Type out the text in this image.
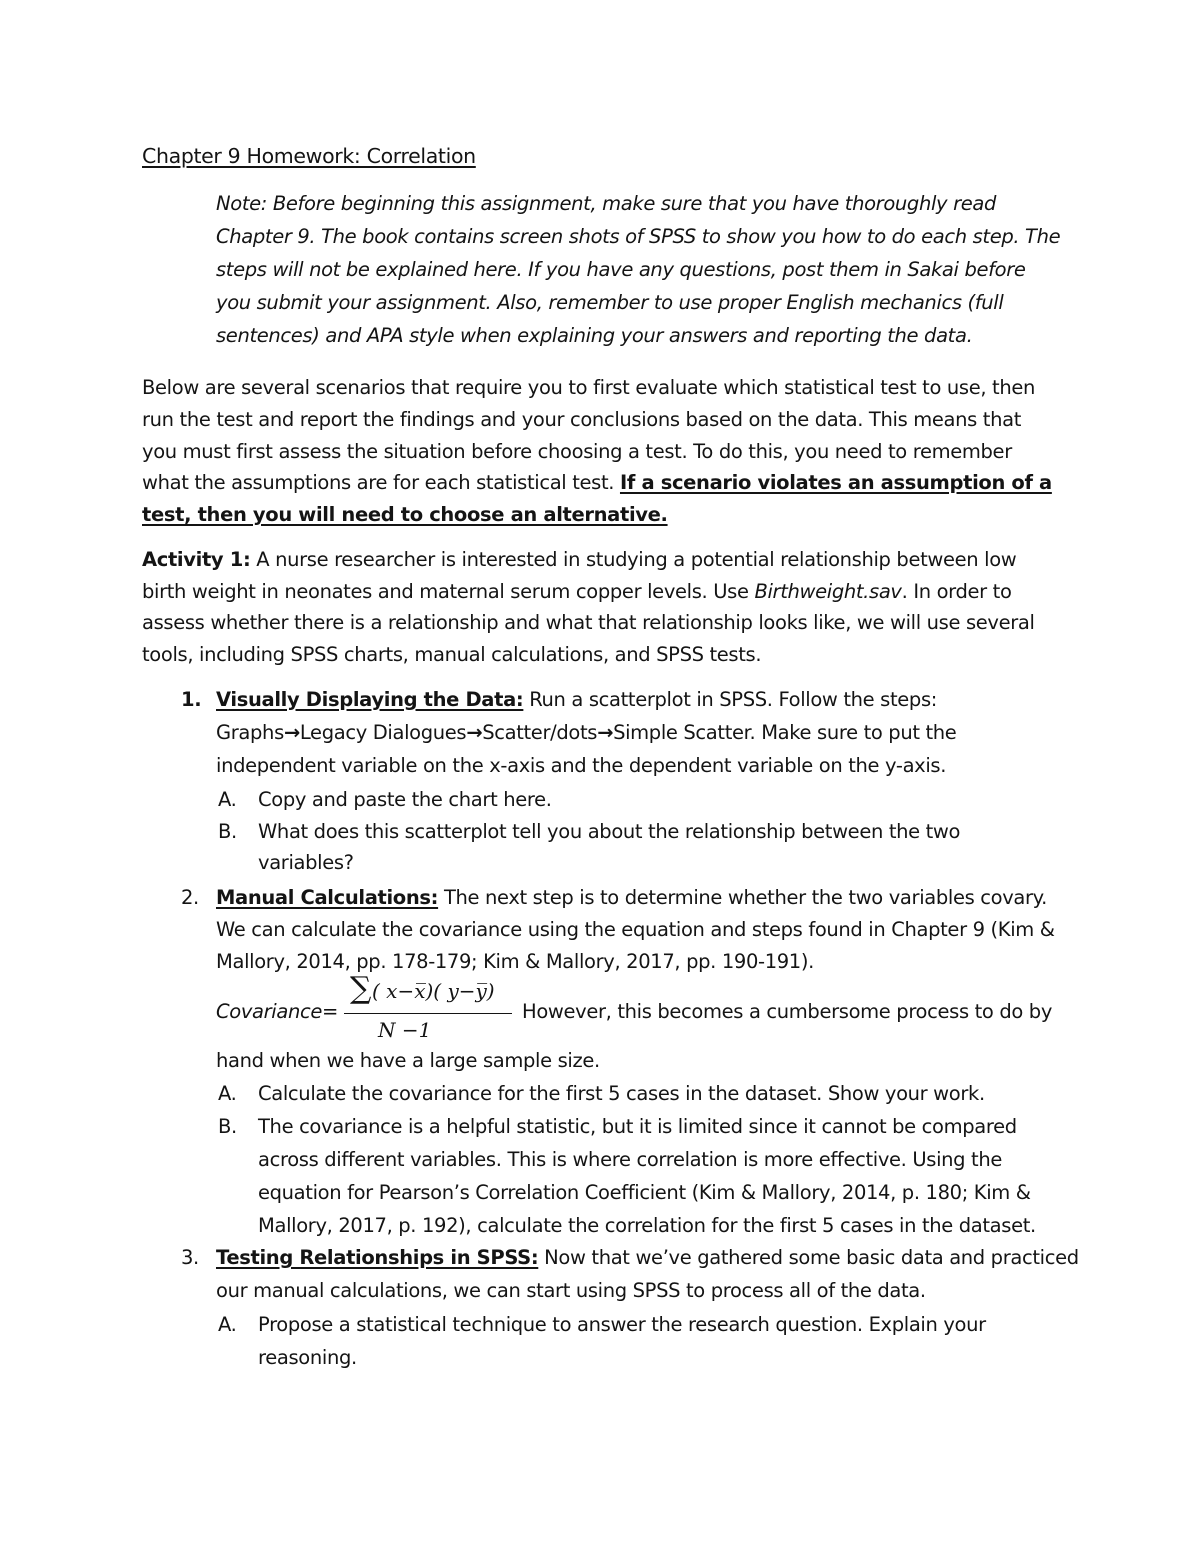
Chapter 9 Homework: Correlation
Note: Before beginning this assignment, make sure that you have thoroughly read
Chapter 9. The book contains screen shots of SPSS to show you how to do each step. The
steps will not be explained here. If you have any questions, post them in Sakai before
you submit your assignment. Also, remember to use proper English mechanics (full
sentences) and APA style when explaining your answers and reporting the data.
Below are several scenarios that require you to first evaluate which statistical test to use, then
run the test and report the findings and your conclusions based on the data. This means that
you must first assess the situation before choosing a test. To do this, you need to remember
what the assumptions are for each statistical test. If a scenario violates an assumption of a
test, then you will need to choose an alternative.
Activity 1: A nurse researcher is interested in studying a potential relationship between low
birth weight in neonates and maternal serum copper levels. Use Birthweight.sav. In order to
assess whether there is a relationship and what that relationship looks like, we will use several
tools, including SPSS charts, manual calculations, and SPSS tests.
1. Visually Displaying the Data: Run a scatterplot in SPSS. Follow the steps:
Graphs→Legacy Dialogues→Scatter/dots→Simple Scatter. Make sure to put the
independent variable on the x-axis and the dependent variable on the y-axis.
A. Copy and paste the chart here.
B. What does this scatterplot tell you about the relationship between the two
variables?
2. Manual Calculations: The next step is to determine whether the two variables covary.
We can calculate the covariance using the equation and steps found in Chapter 9 (Kim &
Mallory, 2014, pp. 178-179; Kim & Mallory, 2017, pp. 190-191).
Covariance=
∑ ( x−x̅)( y−y̅)
N −1
However, this becomes a cumbersome process to do by
hand when we have a large sample size.
A. Calculate the covariance for the first 5 cases in the dataset. Show your work.
B. The covariance is a helpful statistic, but it is limited since it cannot be compared
across different variables. This is where correlation is more effective. Using the
equation for Pearson’s Correlation Coefficient (Kim & Mallory, 2014, p. 180; Kim &
Mallory, 2017, p. 192), calculate the correlation for the first 5 cases in the dataset.
3. Testing Relationships in SPSS: Now that we’ve gathered some basic data and practiced
our manual calculations, we can start using SPSS to process all of the data.
A. Propose a statistical technique to answer the research question. Explain your
reasoning.
